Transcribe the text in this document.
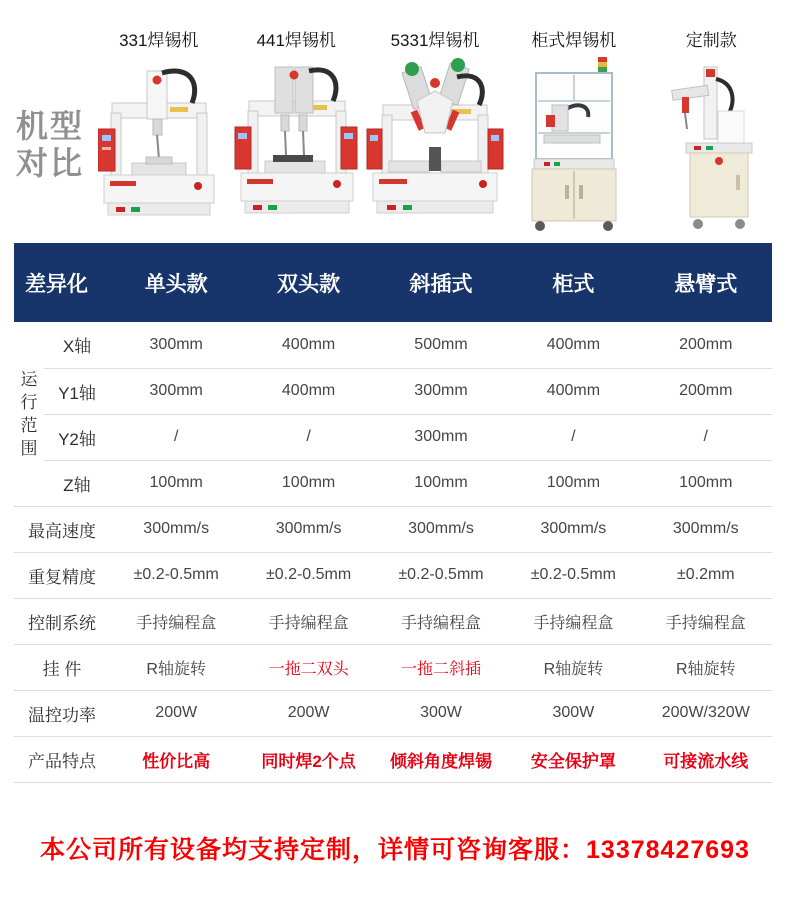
机型
对比
331焊锡机	441焊锡机	5331焊锡机	柜式焊锡机	定制款
差异化		单头款	双头款	斜插式	柜式	悬臂式

运行范围	X轴	300mm	400mm	500mm	400mm	200mm
	Y1轴	300mm	400mm	300mm	400mm	200mm
	Y2轴	/	/	300mm	/	/
	Z轴	100mm	100mm	100mm	100mm	100mm
最高速度		300mm/s	300mm/s	300mm/s	300mm/s	300mm/s
重复精度		±0.2-0.5mm	±0.2-0.5mm	±0.2-0.5mm	±0.2-0.5mm	±0.2mm
控制系统		手持编程盒	手持编程盒	手持编程盒	手持编程盒	手持编程盒
挂 件		R轴旋转	一拖二双头	一拖二斜插	R轴旋转	R轴旋转
温控功率		200W	200W	300W	300W	200W/320W
产品特点		性价比高	同时焊2个点	倾斜角度焊锡	安全保护罩	可接流水线
本公司所有设备均支持定制，详情可咨询客服：13378427693
